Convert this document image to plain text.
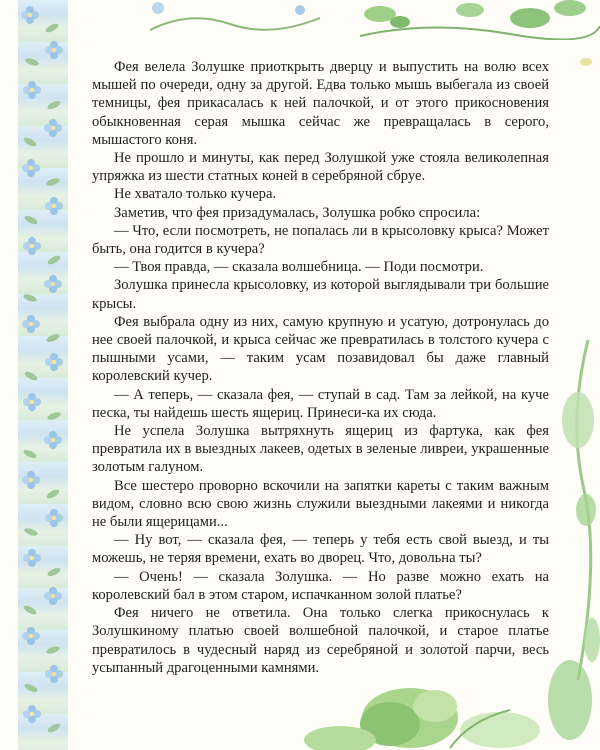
Фея велела Золушке приоткрыть дверцу и выпустить на волю всех мышей по очереди, одну за другой. Едва только мышь выбегала из своей темницы, фея прикасалась к ней палочкой, и от этого прикосновения обыкновенная серая мышка сейчас же превращалась в серого, мышастого коня.

Не прошло и минуты, как перед Золушкой уже стояла великолепная упряжка из шести статных коней в серебряной сбруе.

Не хватало только кучера.

Заметив, что фея призадумалась, Золушка робко спросила:

— Что, если посмотреть, не попалась ли в крысоловку крыса? Может быть, она годится в кучера?

— Твоя правда, — сказала волшебница. — Поди посмотри.

Золушка принесла крысоловку, из которой выглядывали три большие крысы.

Фея выбрала одну из них, самую крупную и усатую, дотронулась до нее своей палочкой, и крыса сейчас же превратилась в толстого кучера с пышными усами, — таким усам позавидовал бы даже главный королевский кучер.

— А теперь, — сказала фея, — ступай в сад. Там за лейкой, на куче песка, ты найдешь шесть ящериц. Принеси-ка их сюда.

Не успела Золушка вытряхнуть ящериц из фартука, как фея превратила их в выездных лакеев, одетых в зеленые ливреи, украшенные золотым галуном.

Все шестеро проворно вскочили на запятки кареты с таким важным видом, словно всю свою жизнь служили выездными лакеями и никогда не были ящерицами...

— Ну вот, — сказала фея, — теперь у тебя есть свой выезд, и ты можешь, не теряя времени, ехать во дворец. Что, довольна ты?

— Очень! — сказала Золушка. — Но разве можно ехать на королевский бал в этом старом, испачканном золой платье?

Фея ничего не ответила. Она только слегка прикоснулась к Золушкиному платью своей волшебной палочкой, и старое платье превратилось в чудесный наряд из серебряной и золотой парчи, весь усыпанный драгоценными камнями.
